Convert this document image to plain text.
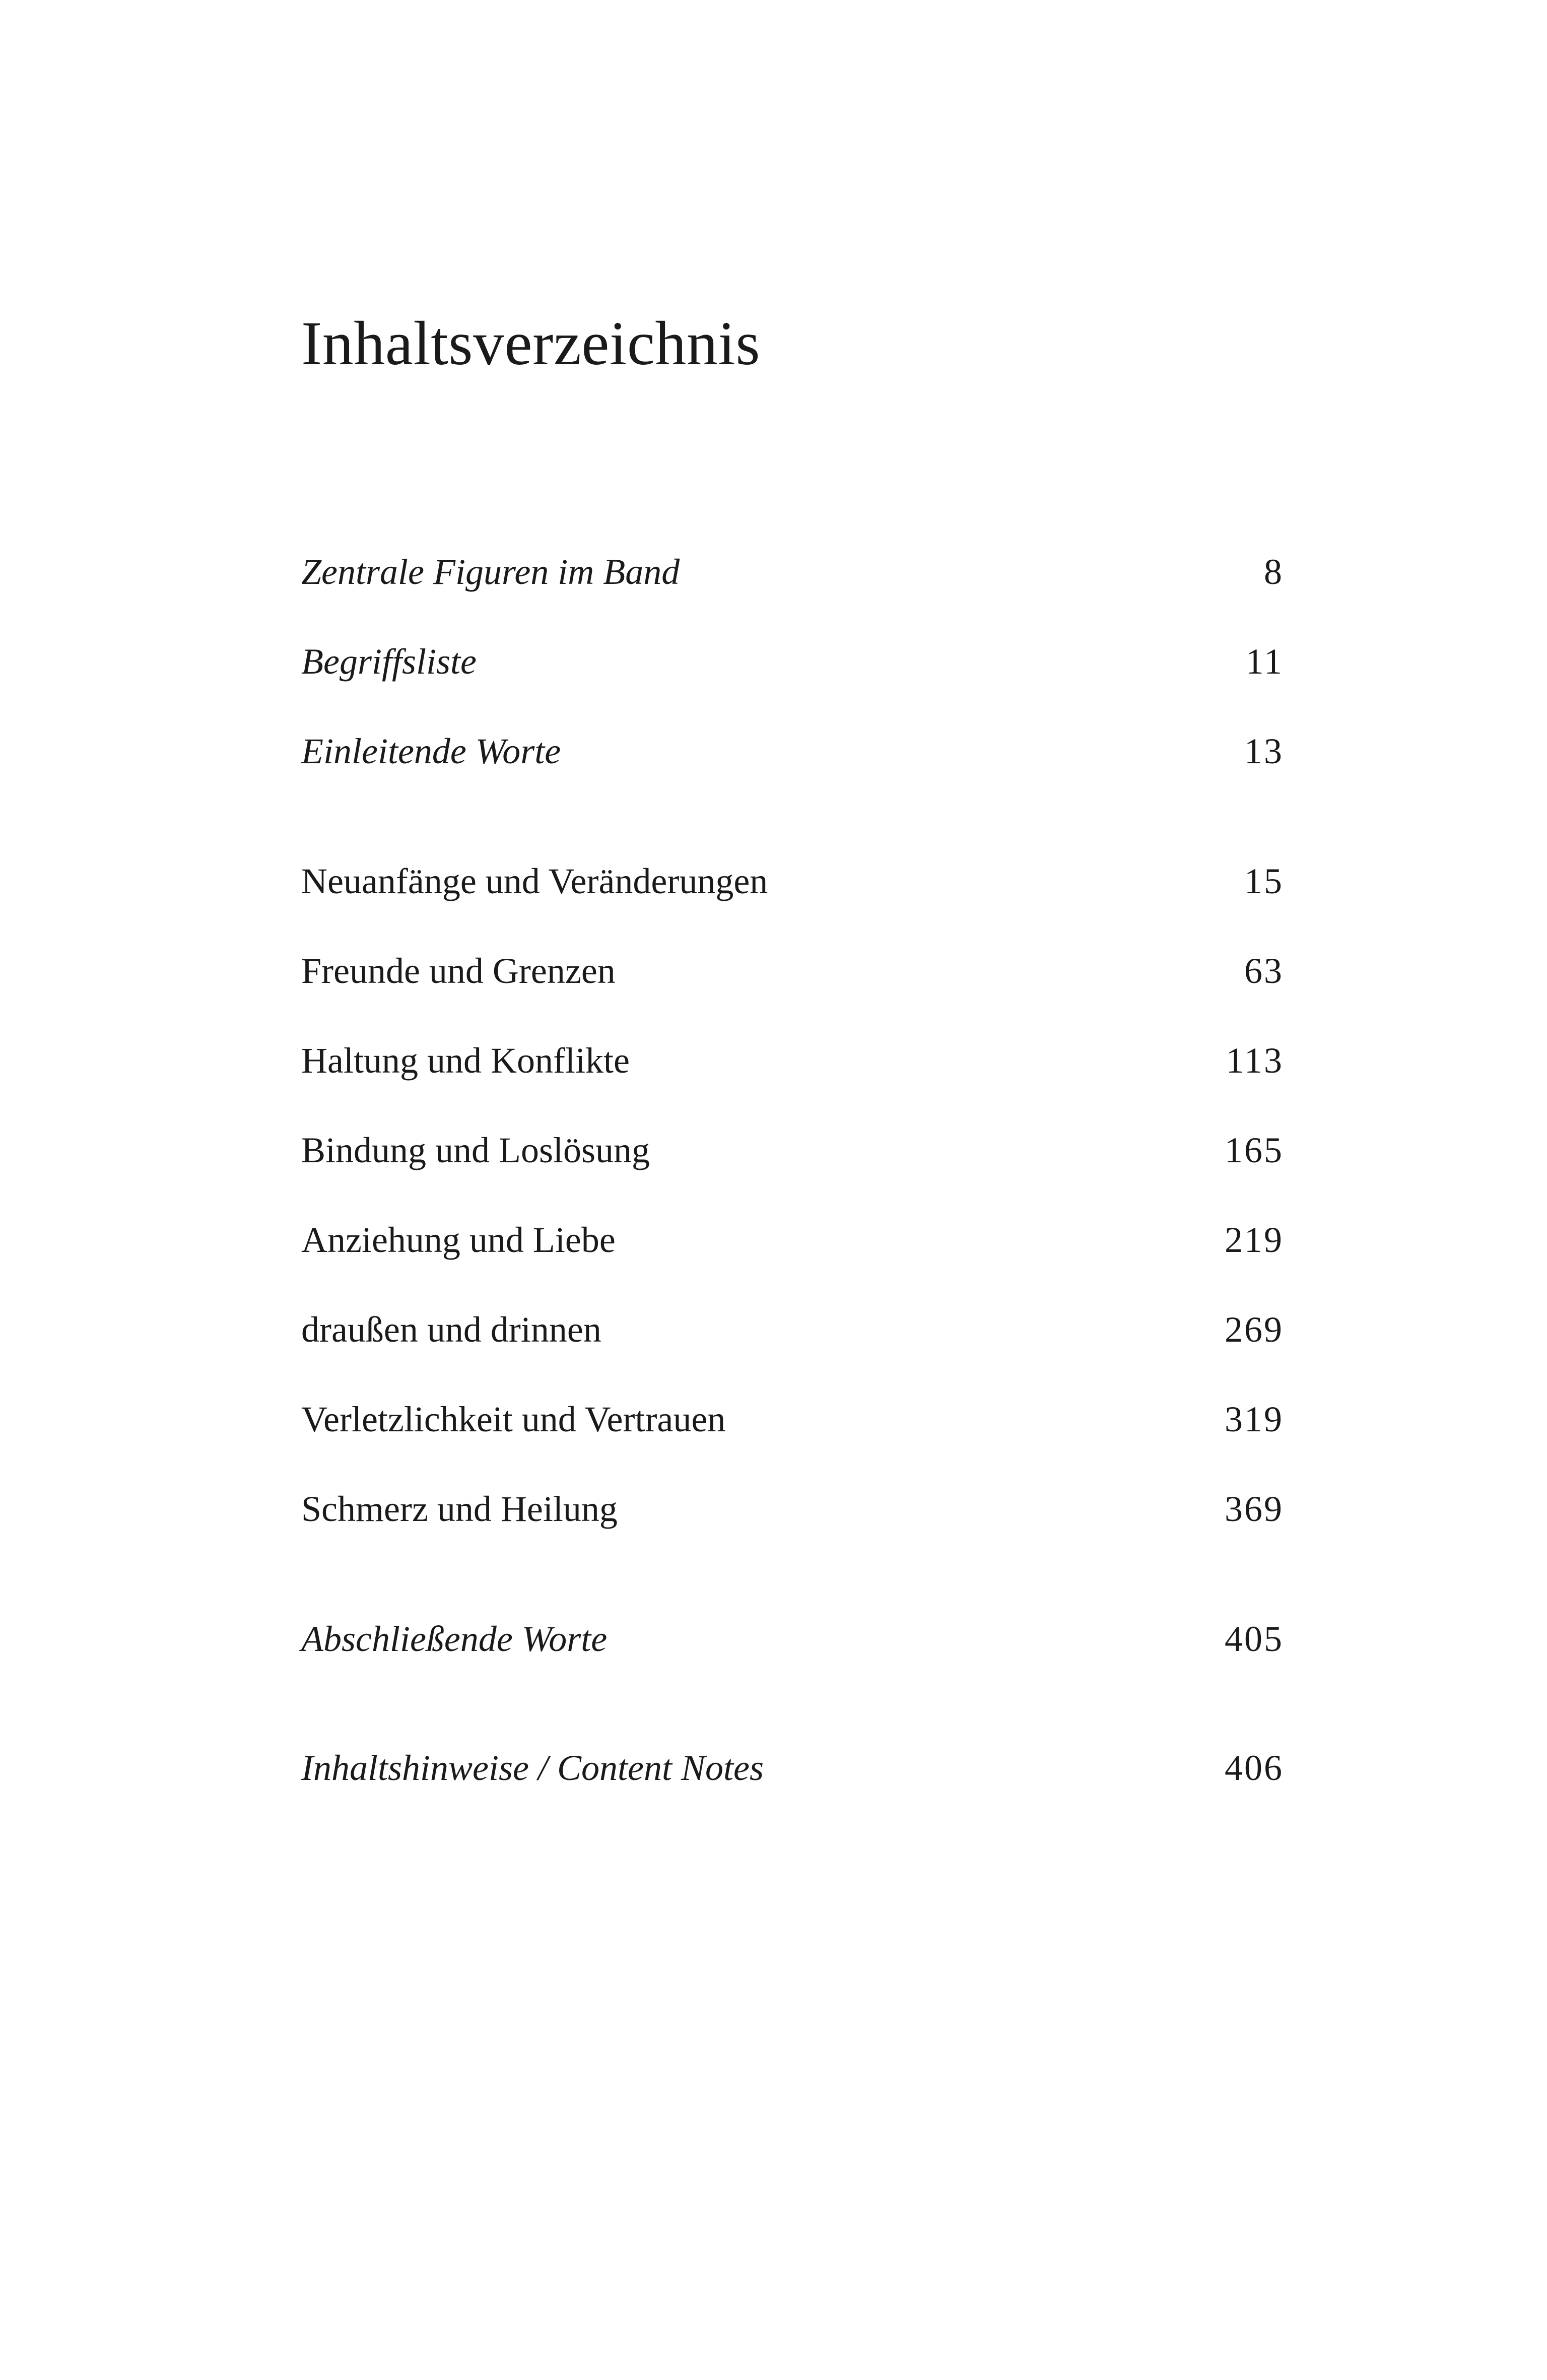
Inhaltsverzeichnis
Zentrale Figuren im Band	8
Begriffsliste	11
Einleitende Worte	13
Neuanfänge und Veränderungen	15
Freunde und Grenzen	63
Haltung und Konflikte	113
Bindung und Loslösung	165
Anziehung und Liebe	219
draußen und drinnen	269
Verletzlichkeit und Vertrauen	319
Schmerz und Heilung	369
Abschließende Worte	405
Inhaltshinweise / Content Notes	406
